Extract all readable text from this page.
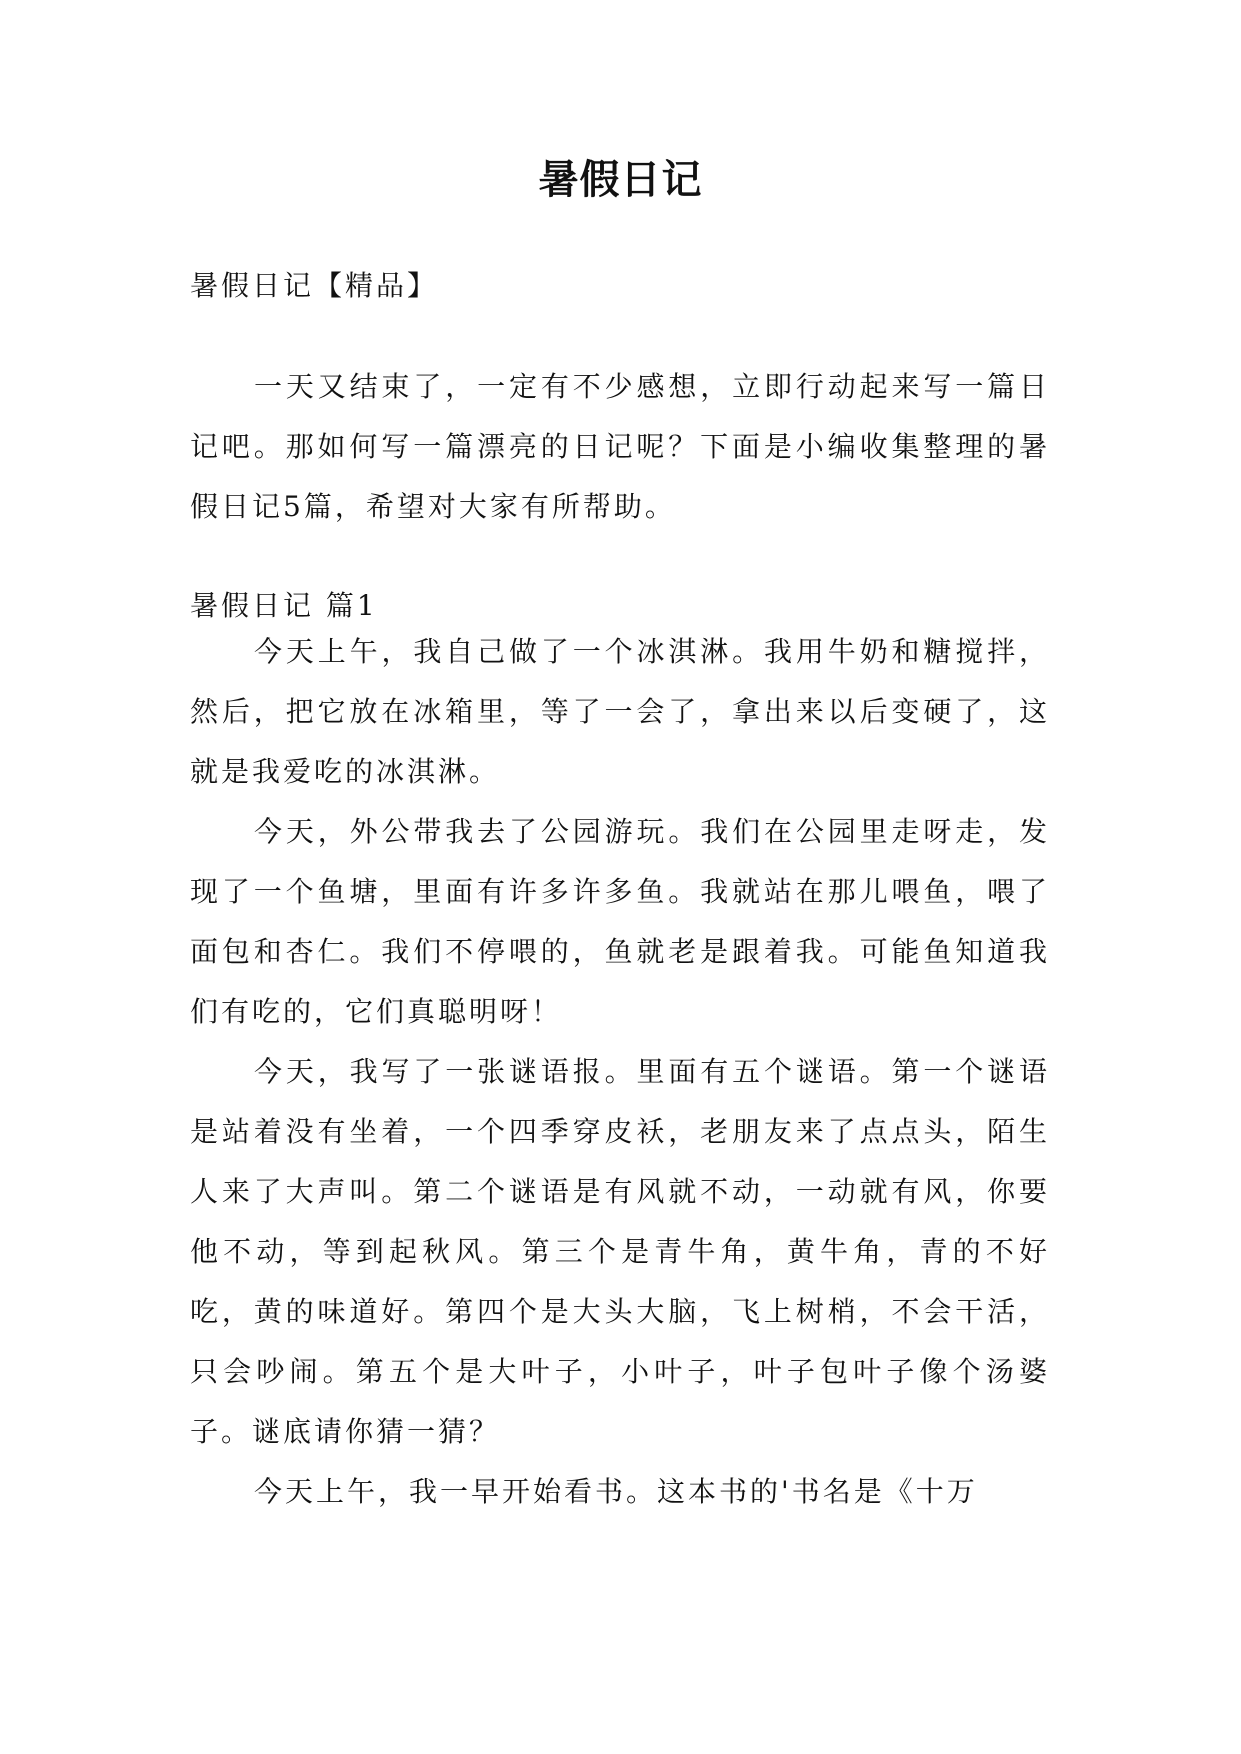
暑假日记
暑假日记【精品】
一天又结束了，一定有不少感想，立即行动起来写一篇日记吧。那如何写一篇漂亮的日记呢？下面是小编收集整理的暑假日记5篇，希望对大家有所帮助。
暑假日记 篇1
今天上午，我自己做了一个冰淇淋。我用牛奶和糖搅拌，然后，把它放在冰箱里，等了一会了，拿出来以后变硬了，这就是我爱吃的冰淇淋。
今天，外公带我去了公园游玩。我们在公园里走呀走，发现了一个鱼塘，里面有许多许多鱼。我就站在那儿喂鱼，喂了面包和杏仁。我们不停喂的，鱼就老是跟着我。可能鱼知道我们有吃的，它们真聪明呀！
今天，我写了一张谜语报。里面有五个谜语。第一个谜语是站着没有坐着，一个四季穿皮袄，老朋友来了点点头，陌生人来了大声叫。第二个谜语是有风就不动，一动就有风，你要他不动，等到起秋风。第三个是青牛角，黄牛角，青的不好吃，黄的味道好。第四个是大头大脑，飞上树梢，不会干活，只会吵闹。第五个是大叶子，小叶子，叶子包叶子像个汤婆子。谜底请你猜一猜？
今天上午，我一早开始看书。这本书的'书名是《十万
